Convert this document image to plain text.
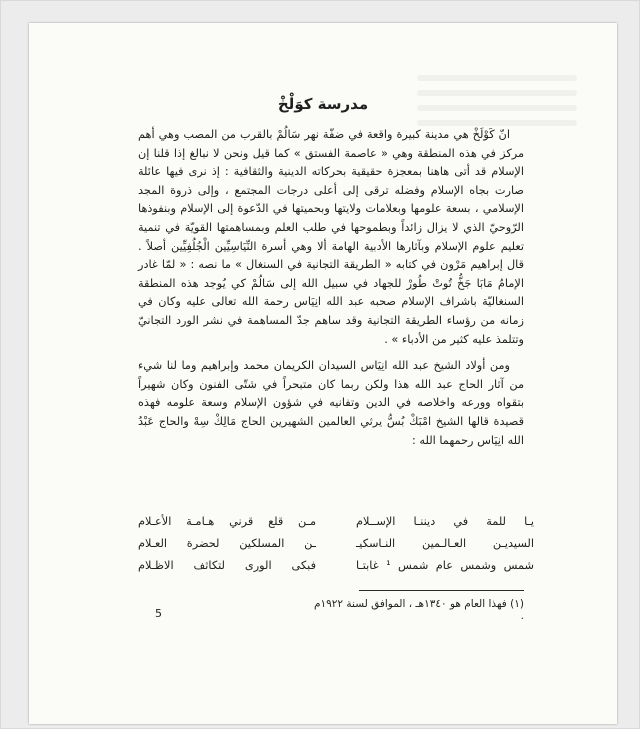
مدرسة كوَلْخْ

انّ كَوْلَخْ هي مدينة كبيرة واقعة في ضفّة نهر سَالُمْ بالقرب من المصب وهي أهم مركز في هذه المنطقة وهي « عاصمة الفستق » كما قيل ونحن لا نبالغ إذا قلنا إن الإسلام قد أتى هاهنا بمعجزة حقيقية بحركاته الدينية والثقافية : إذ نرى فيها عائلة صارت بجاه الإسلام وفضله ترقى إلى أعلى درجات المجتمع ، وإلى ذروة المجد الإسلامي ، بسعة علومها وبعلامات ولايتها وبحميتها في الدّعوة إلى الإسلام وبنفوذها الرّوحيّ الذي لا يزال زائداً وبطموحها في طلب العلم وبمساهمتها القويّة في تنمية تعليم علوم الإسلام وبآثارها الأدبية الهامة ألا وهي أسرة النِّيَاسِيِّين الْجُلُفِيِّين أصلاً . قال إبراهيم مَرْون في كتابه « الطريقة التجانية في السنغال » ما نصه : « لمّا غادر الإمامُ مَابَا جَخُّ تُوتْ طُورْ للجهاد في سبيل الله إلى سَالُمْ كي يُوجد هذه المنطقة السنغاليّة باشراف الإسلام صحبه عبد الله انِيَاس رحمة الله تعالى عليه وكان في زمانه من رؤساء الطريقة التجانية وقد ساهم جدّ المساهمة في نشر الورد التجانيّ وتتلمذ عليه كثير من الأدباء » .

ومن أولاد الشيخ عبد الله انِيَاس السيدان الكريمان محمد وإبراهيم وما لنا شيء من آثار الحاج عبد الله هذا ولكن ربما كان متبحراً في شتّى الفنون وكان شهيراً بتقواه وورعه واخلاصه في الدين وتفانيه في شؤون الإسلام وسعة علومه فهذه قصيدة قالها الشيخ امْبَكْ بُسُّ يرثي العالمين الشهيرين الحاج مَالِكْ سِهْ والحاج عَبْدُ الله انِيَاس رحمهما الله :

يـا للمة في ديننـا الإســلام
مـن قلع قرني هـامـة الأعـلام
السيديـن العـالـمين النـاسكيـ
ـن المسلكين لحضرة العـلام
شمس وشمس عام شمس ¹ غابتـا
فبكى الورى لتكاثف الاظـلام
(١) فهذا العام هو ١٣٤٠هـ ، الموافق لسنة ١٩٢٢م .
5
